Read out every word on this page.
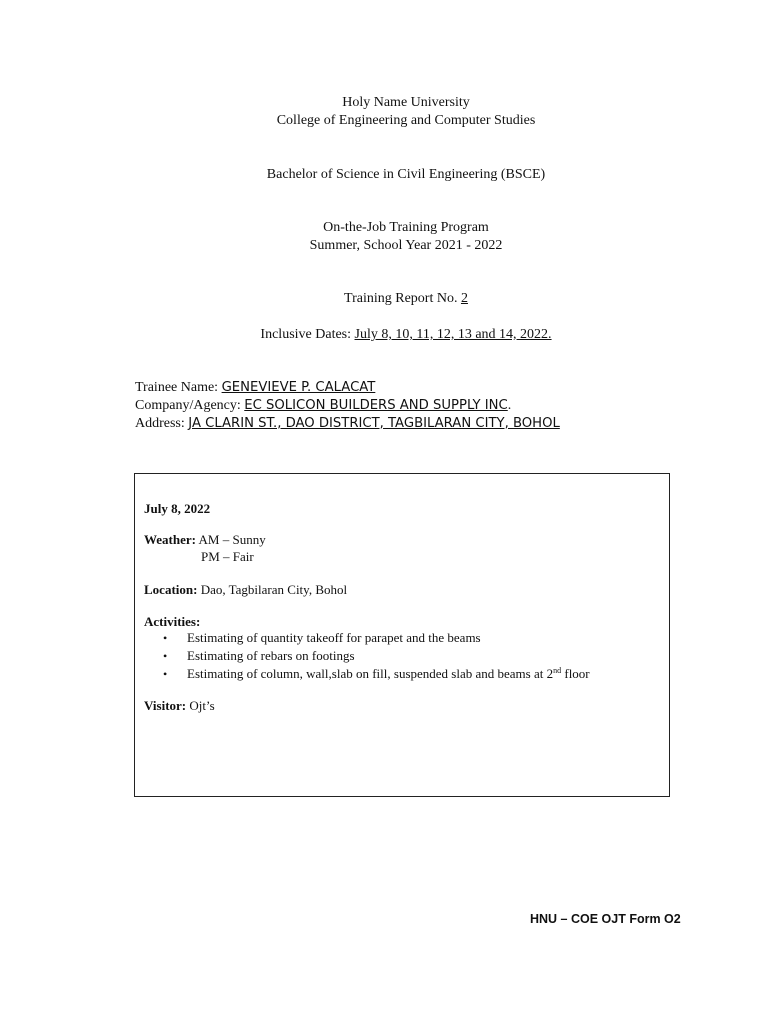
Holy Name University
College of Engineering and Computer Studies
Bachelor of Science in Civil Engineering (BSCE)
On-the-Job Training Program
Summer, School Year 2021 - 2022
Training Report No. 2
Inclusive Dates: July 8, 10, 11, 12, 13 and 14, 2022.
Trainee Name: GENEVIEVE P. CALACAT
Company/Agency: EC SOLICON BUILDERS AND SUPPLY INC.
Address: JA CLARIN ST., DAO DISTRICT, TAGBILARAN CITY, BOHOL
July 8, 2022
Weather: AM – Sunny
PM – Fair
Location: Dao, Tagbilaran City, Bohol
Activities:
• Estimating of quantity takeoff for parapet and the beams
• Estimating of rebars on footings
• Estimating of column, wall,slab on fill, suspended slab and beams at 2nd floor
Visitor: Ojt’s
HNU – COE OJT Form O2
